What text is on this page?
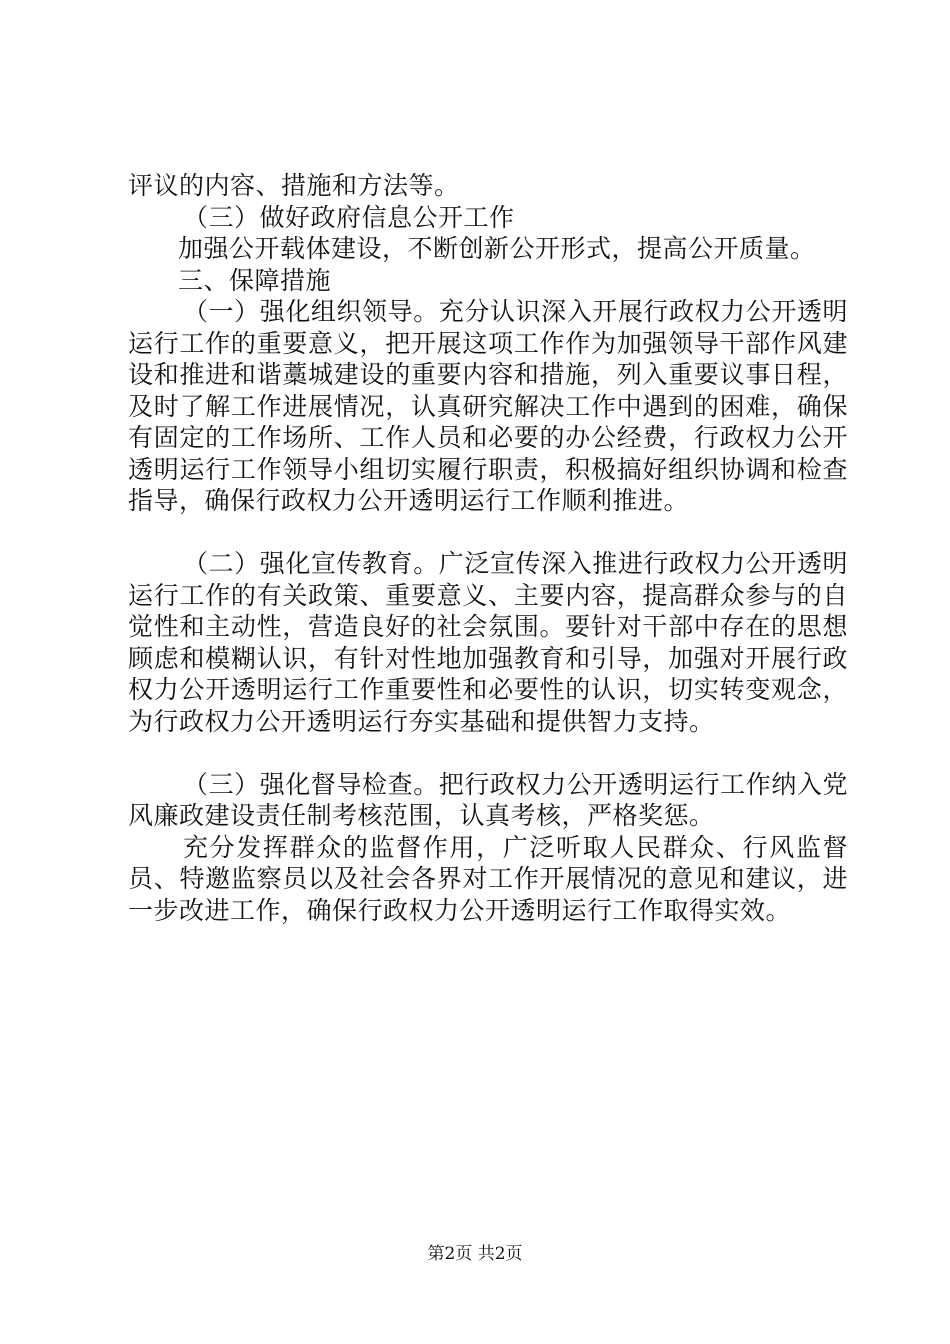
评议的内容、措施和方法等。

（三）做好政府信息公开工作

加强公开载体建设，不断创新公开形式，提高公开质量。

三、保障措施

（一）强化组织领导。充分认识深入开展行政权力公开透明运行工作的重要意义，把开展这项工作作为加强领导干部作风建设和推进和谐藁城建设的重要内容和措施，列入重要议事日程，及时了解工作进展情况，认真研究解决工作中遇到的困难，确保有固定的工作场所、工作人员和必要的办公经费，行政权力公开透明运行工作领导小组切实履行职责，积极搞好组织协调和检查指导，确保行政权力公开透明运行工作顺利推进。

（二）强化宣传教育。广泛宣传深入推进行政权力公开透明运行工作的有关政策、重要意义、主要内容，提高群众参与的自觉性和主动性，营造良好的社会氛围。要针对干部中存在的思想顾虑和模糊认识，有针对性地加强教育和引导，加强对开展行政权力公开透明运行工作重要性和必要性的认识，切实转变观念，为行政权力公开透明运行夯实基础和提供智力支持。

（三）强化督导检查。把行政权力公开透明运行工作纳入党风廉政建设责任制考核范围，认真考核，严格奖惩。

充分发挥群众的监督作用，广泛听取人民群众、行风监督员、特邀监察员以及社会各界对工作开展情况的意见和建议，进一步改进工作，确保行政权力公开透明运行工作取得实效。

第2页 共2页
